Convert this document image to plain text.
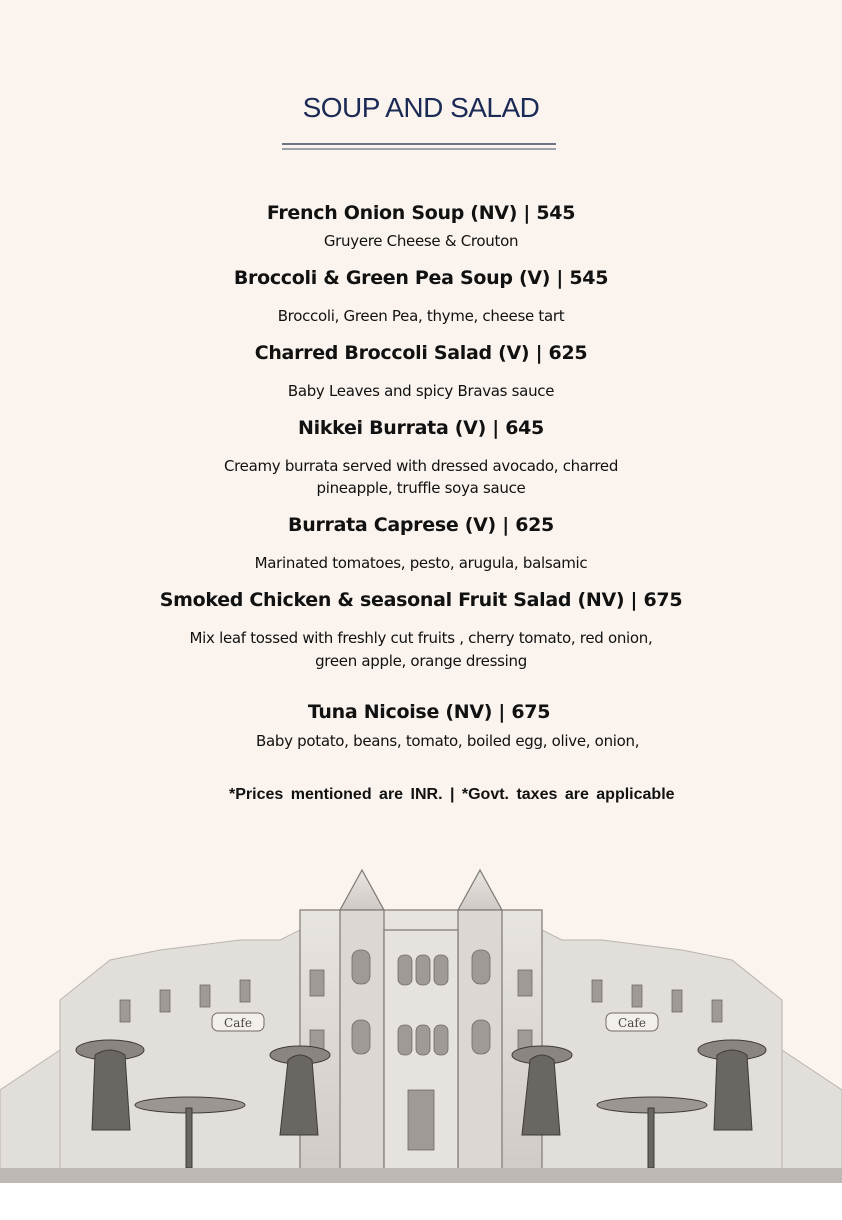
SOUP AND SALAD
French Onion Soup (NV) | 545
Gruyere Cheese & Crouton
Broccoli & Green Pea Soup (V) | 545
Broccoli, Green Pea, thyme, cheese tart
Charred Broccoli Salad (V) | 625
Baby Leaves and spicy Bravas sauce
Nikkei Burrata (V) | 645
Creamy burrata served with dressed avocado, charred
pineapple, truffle soya sauce
Burrata Caprese (V) | 625
Marinated tomatoes, pesto, arugula, balsamic
Smoked Chicken & seasonal Fruit Salad (NV) | 675
Mix leaf tossed with freshly cut fruits , cherry tomato, red onion,
green apple, orange dressing
Tuna Nicoise (NV) | 675
Baby potato, beans, tomato, boiled egg, olive, onion,
*Prices mentioned are INR. | *Govt. taxes are applicable
Cafe	Cafe
